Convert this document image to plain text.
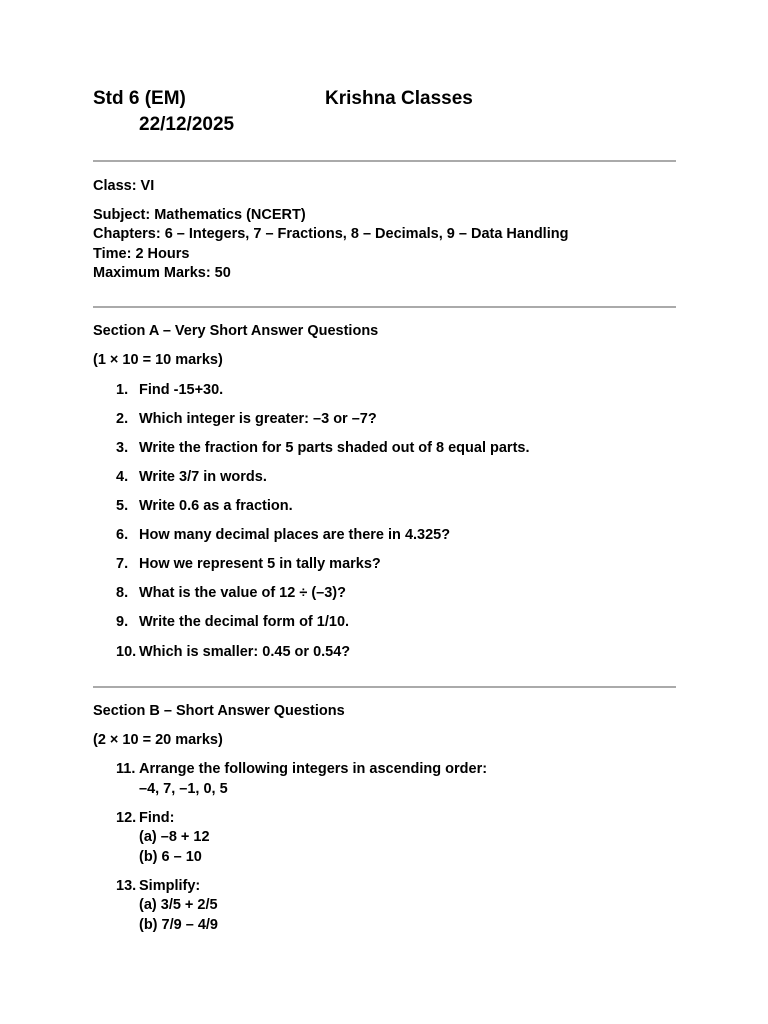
Std 6 (EM)	Krishna Classes
22/12/2025
Class: VI
Subject: Mathematics (NCERT)
Chapters: 6 – Integers, 7 – Fractions, 8 – Decimals, 9 – Data Handling
Time: 2 Hours
Maximum Marks: 50
Section A – Very Short Answer Questions
(1 × 10 = 10 marks)
1. Find -15+30.
2. Which integer is greater: –3 or –7?
3. Write the fraction for 5 parts shaded out of 8 equal parts.
4. Write 3/7 in words.
5. Write 0.6 as a fraction.
6. How many decimal places are there in 4.325?
7. How we represent 5 in tally marks?
8. What is the value of 12 ÷ (–3)?
9. Write the decimal form of 1/10.
10. Which is smaller: 0.45 or 0.54?
Section B – Short Answer Questions
(2 × 10 = 20 marks)
11. Arrange the following integers in ascending order:
–4, 7, –1, 0, 5
12. Find:
(a) –8 + 12
(b) 6 – 10
13. Simplify:
(a) 3/5 + 2/5
(b) 7/9 – 4/9
